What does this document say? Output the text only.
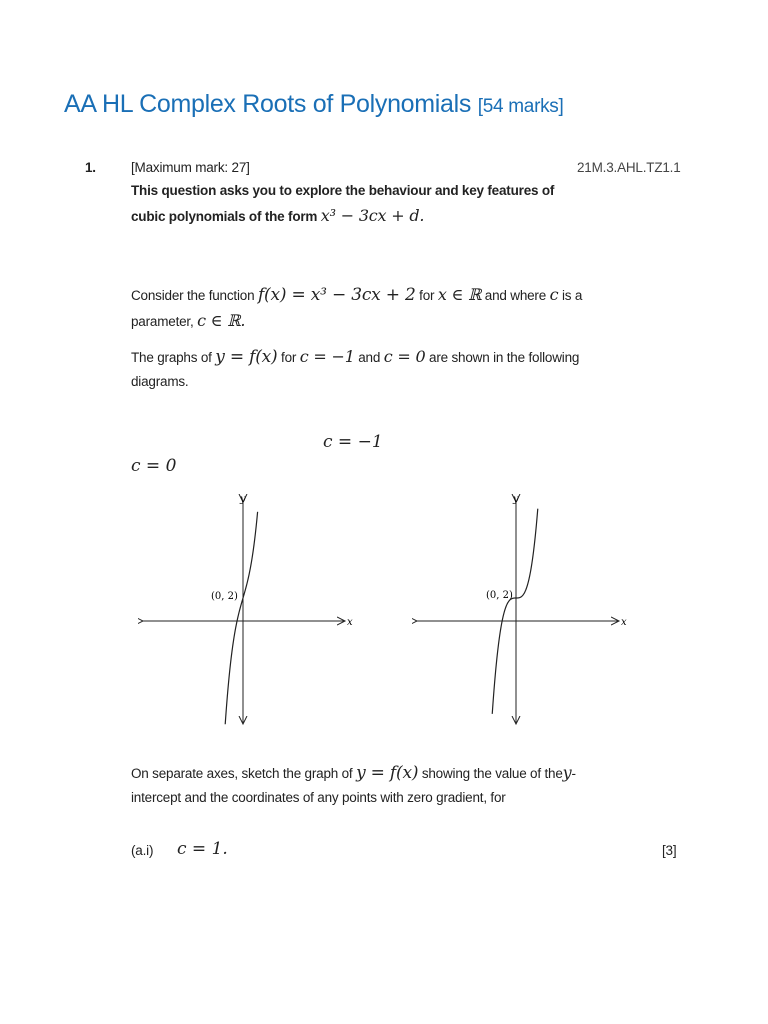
AA HL Complex Roots of Polynomials [54 marks]
1.	[Maximum mark: 27]	21M.3.AHL.TZ1.1
This question asks you to explore the behaviour and key features of
cubic polynomials of the form x³ − 3cx + d.
Consider the function f(x) = x³ − 3cx + 2 for x ∈ ℝ and where c is a
parameter, c ∈ ℝ.
The graphs of y = f(x) for c = −1 and c = 0 are shown in the following
diagrams.
c = −1
c = 0
x
y
(0, 2)
x
y
(0, 2)
On separate axes, sketch the graph of y = f(x) showing the value of they-
intercept and the coordinates of any points with zero gradient, for
(a.i) c = 1.	[3]
